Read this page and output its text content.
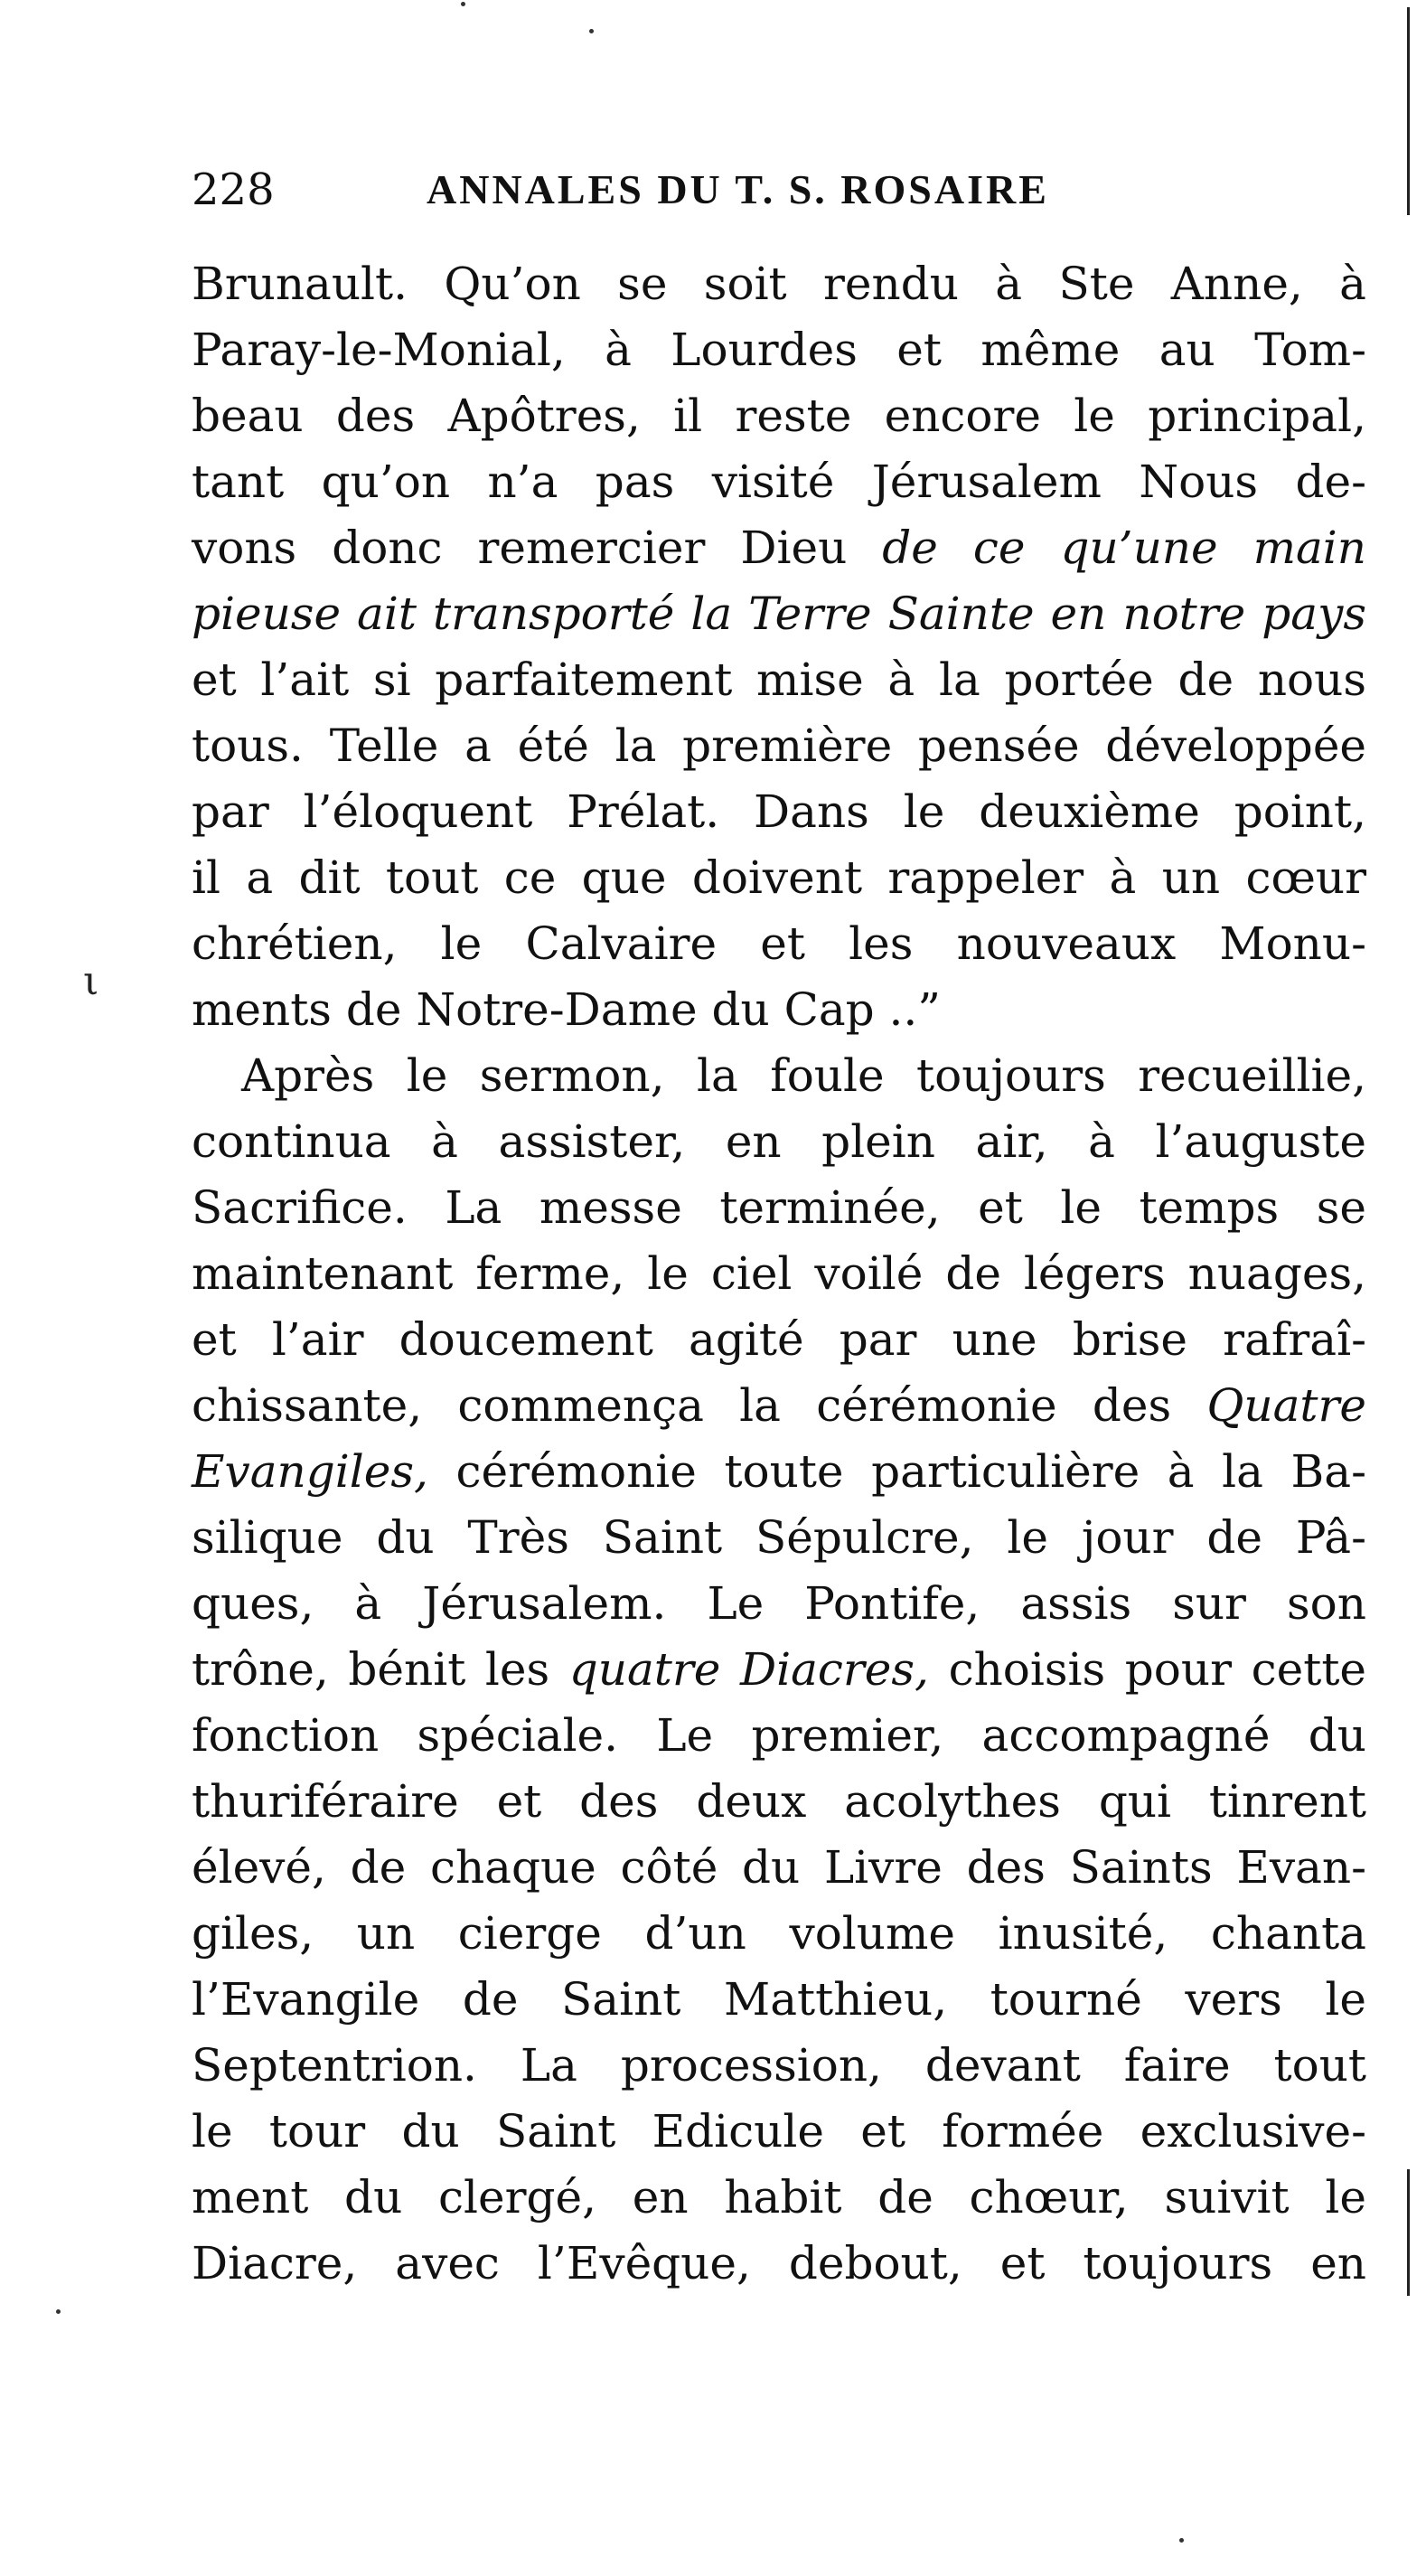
228	ANNALES DU T. S. ROSAIRE
ι
Brunault. Qu’on se soit rendu à Ste Anne, à
Paray-le-Monial, à Lourdes et même au Tom-
beau des Apôtres, il reste encore le principal,
tant qu’on n’a pas visité Jérusalem Nous de-
vons donc remercier Dieu de ce qu’une main
pieuse ait transporté la Terre Sainte en notre pays
et l’ait si parfaitement mise à la portée de nous
tous. Telle a été la première pensée développée
par l’éloquent Prélat. Dans le deuxième point,
il a dit tout ce que doivent rappeler à un cœur
chrétien, le Calvaire et les nouveaux Monu-
ments de Notre-Dame du Cap ..”
Après le sermon, la foule toujours recueillie,
continua à assister, en plein air, à l’auguste
Sacrifice. La messe terminée, et le temps se
maintenant ferme, le ciel voilé de légers nuages,
et l’air doucement agité par une brise rafraî-
chissante, commença la cérémonie des Quatre
Evangiles, cérémonie toute particulière à la Ba-
silique du Très Saint Sépulcre, le jour de Pâ-
ques, à Jérusalem. Le Pontife, assis sur son
trône, bénit les quatre Diacres, choisis pour cette
fonction spéciale. Le premier, accompagné du
thuriféraire et des deux acolythes qui tinrent
élevé, de chaque côté du Livre des Saints Evan-
giles, un cierge d’un volume inusité, chanta
l’Evangile de Saint Matthieu, tourné vers le
Septentrion. La procession, devant faire tout
le tour du Saint Edicule et formée exclusive-
ment du clergé, en habit de chœur, suivit le
Diacre, avec l’Evêque, debout, et toujours en
